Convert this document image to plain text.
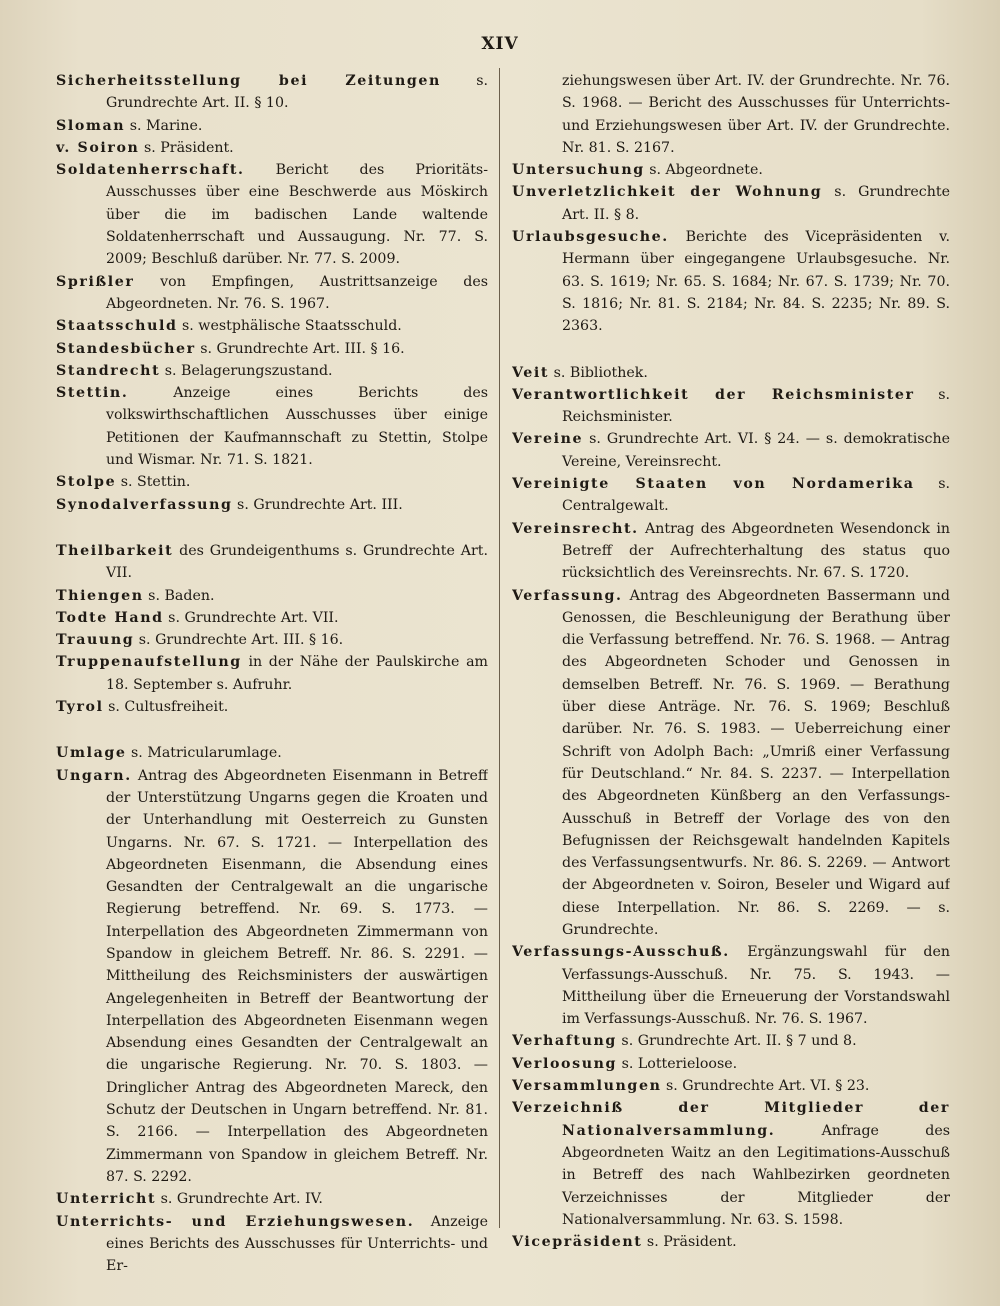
XIV

Sicherheitsstellung bei Zeitungen s. Grundrechte Art. II. § 10.

Sloman s. Marine.

v. Soiron s. Präsident.

Soldatenherrschaft. Bericht des Prioritäts-Ausschusses über eine Beschwerde aus Möskirch über die im badischen Lande waltende Soldatenherrschaft und Aussaugung. Nr. 77. S. 2009; Beschluß darüber. Nr. 77. S. 2009.

Sprißler von Empfingen, Austrittsanzeige des Abgeordneten. Nr. 76. S. 1967.

Staatsschuld s. westphälische Staatsschuld.

Standesbücher s. Grundrechte Art. III. § 16.

Standrecht s. Belagerungszustand.

Stettin. Anzeige eines Berichts des volkswirthschaftlichen Ausschusses über einige Petitionen der Kaufmannschaft zu Stettin, Stolpe und Wismar. Nr. 71. S. 1821.

Stolpe s. Stettin.

Synodalverfassung s. Grundrechte Art. III.

Theilbarkeit des Grundeigenthums s. Grundrechte Art. VII.

Thiengen s. Baden.

Todte Hand s. Grundrechte Art. VII.

Trauung s. Grundrechte Art. III. § 16.

Truppenaufstellung in der Nähe der Paulskirche am 18. September s. Aufruhr.

Tyrol s. Cultusfreiheit.

Umlage s. Matricularumlage.

Ungarn. Antrag des Abgeordneten Eisenmann in Betreff der Unterstützung Ungarns gegen die Kroaten und der Unterhandlung mit Oesterreich zu Gunsten Ungarns. Nr. 67. S. 1721. — Interpellation des Abgeordneten Eisenmann, die Absendung eines Gesandten der Centralgewalt an die ungarische Regierung betreffend. Nr. 69. S. 1773. — Interpellation des Abgeordneten Zimmermann von Spandow in gleichem Betreff. Nr. 86. S. 2291. — Mittheilung des Reichsministers der auswärtigen Angelegenheiten in Betreff der Beantwortung der Interpellation des Abgeordneten Eisenmann wegen Absendung eines Gesandten der Centralgewalt an die ungarische Regierung. Nr. 70. S. 1803. — Dringlicher Antrag des Abgeordneten Mareck, den Schutz der Deutschen in Ungarn betreffend. Nr. 81. S. 2166. — Interpellation des Abgeordneten Zimmermann von Spandow in gleichem Betreff. Nr. 87. S. 2292.

Unterricht s. Grundrechte Art. IV.

Unterrichts- und Erziehungswesen. Anzeige eines Berichts des Ausschusses für Unterrichts- und Er-

ziehungswesen über Art. IV. der Grundrechte. Nr. 76. S. 1968. — Bericht des Ausschusses für Unterrichts- und Erziehungswesen über Art. IV. der Grundrechte. Nr. 81. S. 2167.

Untersuchung s. Abgeordnete.

Unverletzlichkeit der Wohnung s. Grundrechte Art. II. § 8.

Urlaubsgesuche. Berichte des Vicepräsidenten v. Hermann über eingegangene Urlaubsgesuche. Nr. 63. S. 1619; Nr. 65. S. 1684; Nr. 67. S. 1739; Nr. 70. S. 1816; Nr. 81. S. 2184; Nr. 84. S. 2235; Nr. 89. S. 2363.

Veit s. Bibliothek.

Verantwortlichkeit der Reichsminister s. Reichsminister.

Vereine s. Grundrechte Art. VI. § 24. — s. demokratische Vereine, Vereinsrecht.

Vereinigte Staaten von Nordamerika s. Centralgewalt.

Vereinsrecht. Antrag des Abgeordneten Wesendonck in Betreff der Aufrechterhaltung des status quo rücksichtlich des Vereinsrechts. Nr. 67. S. 1720.

Verfassung. Antrag des Abgeordneten Bassermann und Genossen, die Beschleunigung der Berathung über die Verfassung betreffend. Nr. 76. S. 1968. — Antrag des Abgeordneten Schoder und Genossen in demselben Betreff. Nr. 76. S. 1969. — Berathung über diese Anträge. Nr. 76. S. 1969; Beschluß darüber. Nr. 76. S. 1983. — Ueberreichung einer Schrift von Adolph Bach: „Umriß einer Verfassung für Deutschland.“ Nr. 84. S. 2237. — Interpellation des Abgeordneten Künßberg an den Verfassungs-Ausschuß in Betreff der Vorlage des von den Befugnissen der Reichsgewalt handelnden Kapitels des Verfassungsentwurfs. Nr. 86. S. 2269. — Antwort der Abgeordneten v. Soiron, Beseler und Wigard auf diese Interpellation. Nr. 86. S. 2269. — s. Grundrechte.

Verfassungs-Ausschuß. Ergänzungswahl für den Verfassungs-Ausschuß. Nr. 75. S. 1943. — Mittheilung über die Erneuerung der Vorstandswahl im Verfassungs-Ausschuß. Nr. 76. S. 1967.

Verhaftung s. Grundrechte Art. II. § 7 und 8.

Verloosung s. Lotterieloose.

Versammlungen s. Grundrechte Art. VI. § 23.

Verzeichniß der Mitglieder der Nationalversammlung. Anfrage des Abgeordneten Waitz an den Legitimations-Ausschuß in Betreff des nach Wahlbezirken geordneten Verzeichnisses der Mitglieder der Nationalversammlung. Nr. 63. S. 1598.

Vicepräsident s. Präsident.
